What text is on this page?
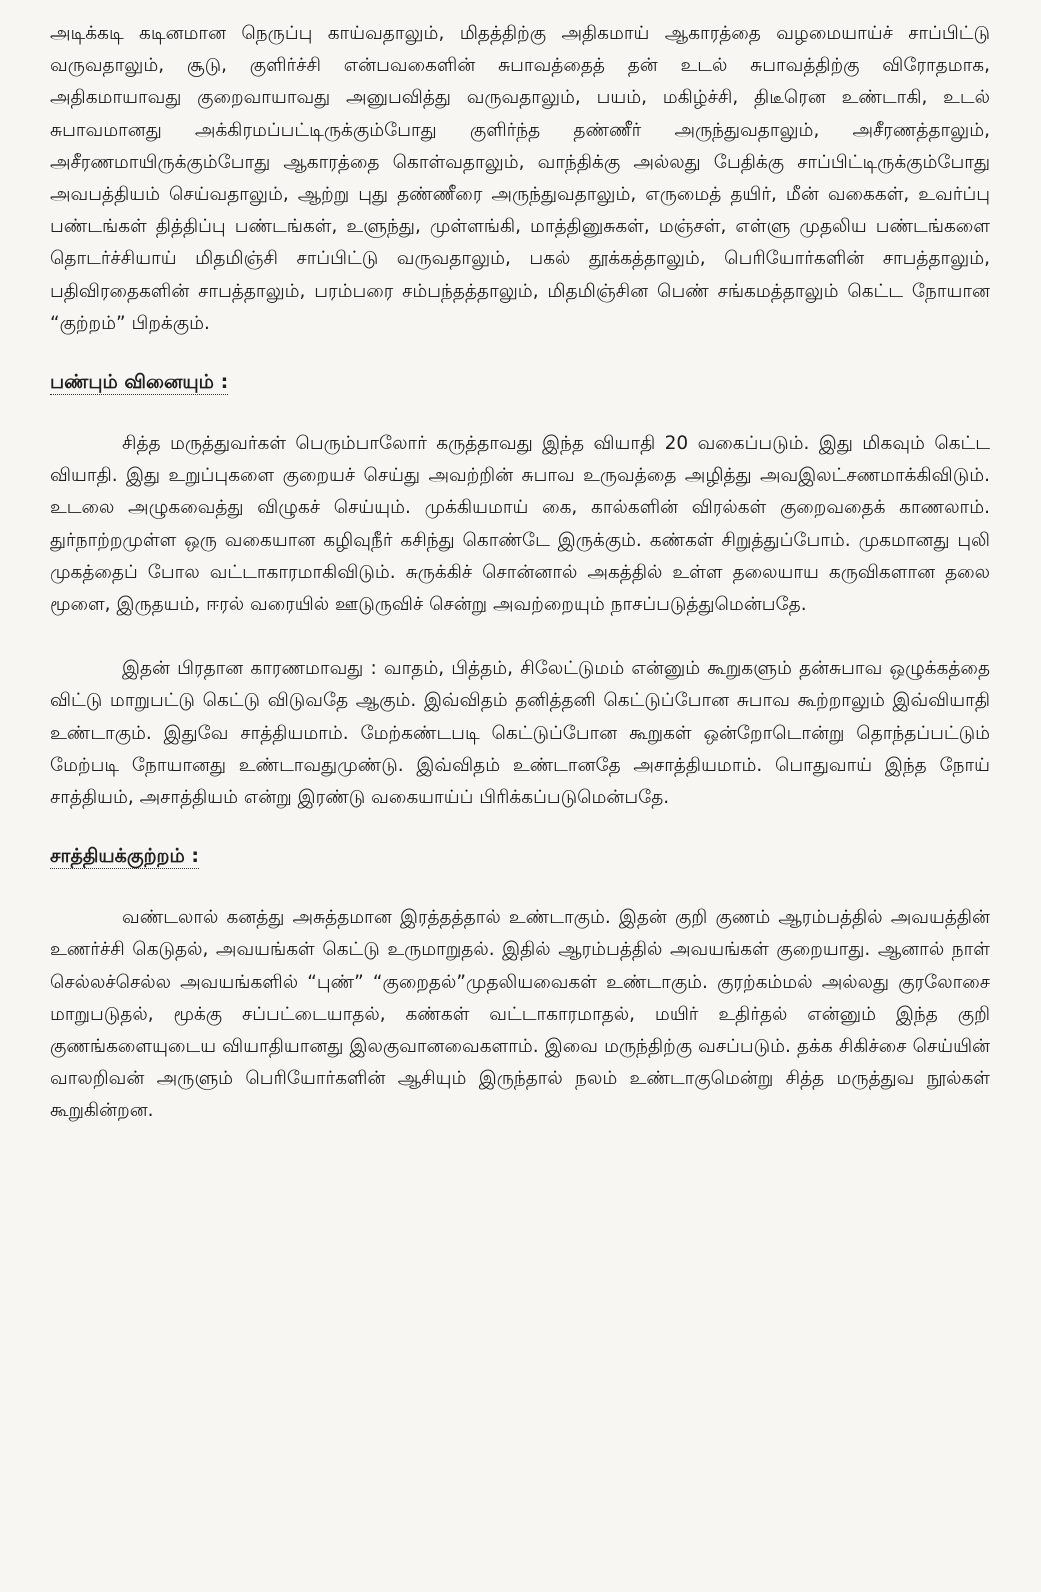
அடிக்கடி கடினமான நெருப்பு காய்வதாலும், மிதத்திற்கு அதிகமாய் ஆகாரத்தை வழமையாய்ச் சாப்பிட்டு வருவதாலும், சூடு, குளிர்ச்சி என்பவகைளின் சுபாவத்தைத் தன் உடல் சுபாவத்திற்கு விரோதமாக, அதிகமாயாவது குறைவாயாவது அனுபவித்து வருவதாலும், பயம், மகிழ்ச்சி, திடீரென உண்டாகி, உடல் சுபாவமானது அக்கிரமப்பட்டிருக்கும்போது குளிர்ந்த தண்ணீர் அருந்துவதாலும், அசீரணத்தாலும், அசீரணமாயிருக்கும்போது ஆகாரத்தை கொள்வதாலும், வாந்திக்கு அல்லது பேதிக்கு சாப்பிட்டிருக்கும்போது அவபத்தியம் செய்வதாலும், ஆற்று புது தண்ணீரை அருந்துவதாலும், எருமைத் தயிர், மீன் வகைகள், உவர்ப்பு பண்டங்கள் தித்திப்பு பண்டங்கள், உளுந்து, முள்ளங்கி, மாத்தினுசுகள், மஞ்சள், எள்ளு முதலிய பண்டங்களை தொடர்ச்சியாய் மிதமிஞ்சி சாப்பிட்டு வருவதாலும், பகல் தூக்கத்தாலும், பெரியோர்களின் சாபத்தாலும், பதிவிரதைகளின் சாபத்தாலும், பரம்பரை சம்பந்தத்தாலும், மிதமிஞ்சின பெண் சங்கமத்தாலும் கெட்ட நோயான “குற்றம்” பிறக்கும்.

பண்பும் வினையும் :

சித்த மருத்துவர்கள் பெரும்பாலோர் கருத்தாவது இந்த வியாதி 20 வகைப்படும். இது மிகவும் கெட்ட வியாதி. இது உறுப்புகளை குறையச் செய்து அவற்றின் சுபாவ உருவத்தை அழித்து அவஇலட்சணமாக்கிவிடும். உடலை அழுகவைத்து விழுகச் செய்யும். முக்கியமாய் கை, கால்களின் விரல்கள் குறைவதைக் காணலாம். துர்நாற்றமுள்ள ஒரு வகையான கழிவுநீர் கசிந்து கொண்டே இருக்கும். கண்கள் சிறுத்துப்போம். முகமானது புலி முகத்தைப் போல வட்டாகாரமாகிவிடும். சுருக்கிச் சொன்னால் அகத்தில் உள்ள தலையாய கருவிகளான தலை மூளை, இருதயம், ஈரல் வரையில் ஊடுருவிச் சென்று அவற்றையும் நாசப்படுத்துமென்பதே.

இதன் பிரதான காரணமாவது : வாதம், பித்தம், சிலேட்டுமம் என்னும் கூறுகளும் தன்சுபாவ ஒழுக்கத்தை விட்டு மாறுபட்டு கெட்டு விடுவதே ஆகும். இவ்விதம் தனித்தனி கெட்டுப்போன சுபாவ கூற்றாலும் இவ்வியாதி உண்டாகும். இதுவே சாத்தியமாம். மேற்கண்டபடி கெட்டுப்போன கூறுகள் ஒன்றோடொன்று தொந்தப்பட்டும் மேற்படி நோயானது உண்டாவதுமுண்டு. இவ்விதம் உண்டானதே அசாத்தியமாம். பொதுவாய் இந்த நோய் சாத்தியம், அசாத்தியம் என்று இரண்டு வகையாய்ப் பிரிக்கப்படுமென்பதே.

சாத்தியக்குற்றம் :

வண்டலால் கனத்து அசுத்தமான இரத்தத்தால் உண்டாகும். இதன் குறி குணம் ஆரம்பத்தில் அவயத்தின் உணர்ச்சி கெடுதல், அவயங்கள் கெட்டு உருமாறுதல். இதில் ஆரம்பத்தில் அவயங்கள் குறையாது. ஆனால் நாள் செல்லச்செல்ல அவயங்களில் “புண்” “குறைதல்”முதலியவைகள் உண்டாகும். குரற்கம்மல் அல்லது குரலோசை மாறுபடுதல், மூக்கு சப்பட்டையாதல், கண்கள் வட்டாகாரமாதல், மயிர் உதிர்தல் என்னும் இந்த குறி குணங்களையுடைய வியாதியானது இலகுவானவைகளாம். இவை மருந்திற்கு வசப்படும். தக்க சிகிச்சை செய்யின் வாலறிவன் அருளும் பெரியோர்களின் ஆசியும் இருந்தால் நலம் உண்டாகுமென்று சித்த மருத்துவ நூல்கள் கூறுகின்றன.
